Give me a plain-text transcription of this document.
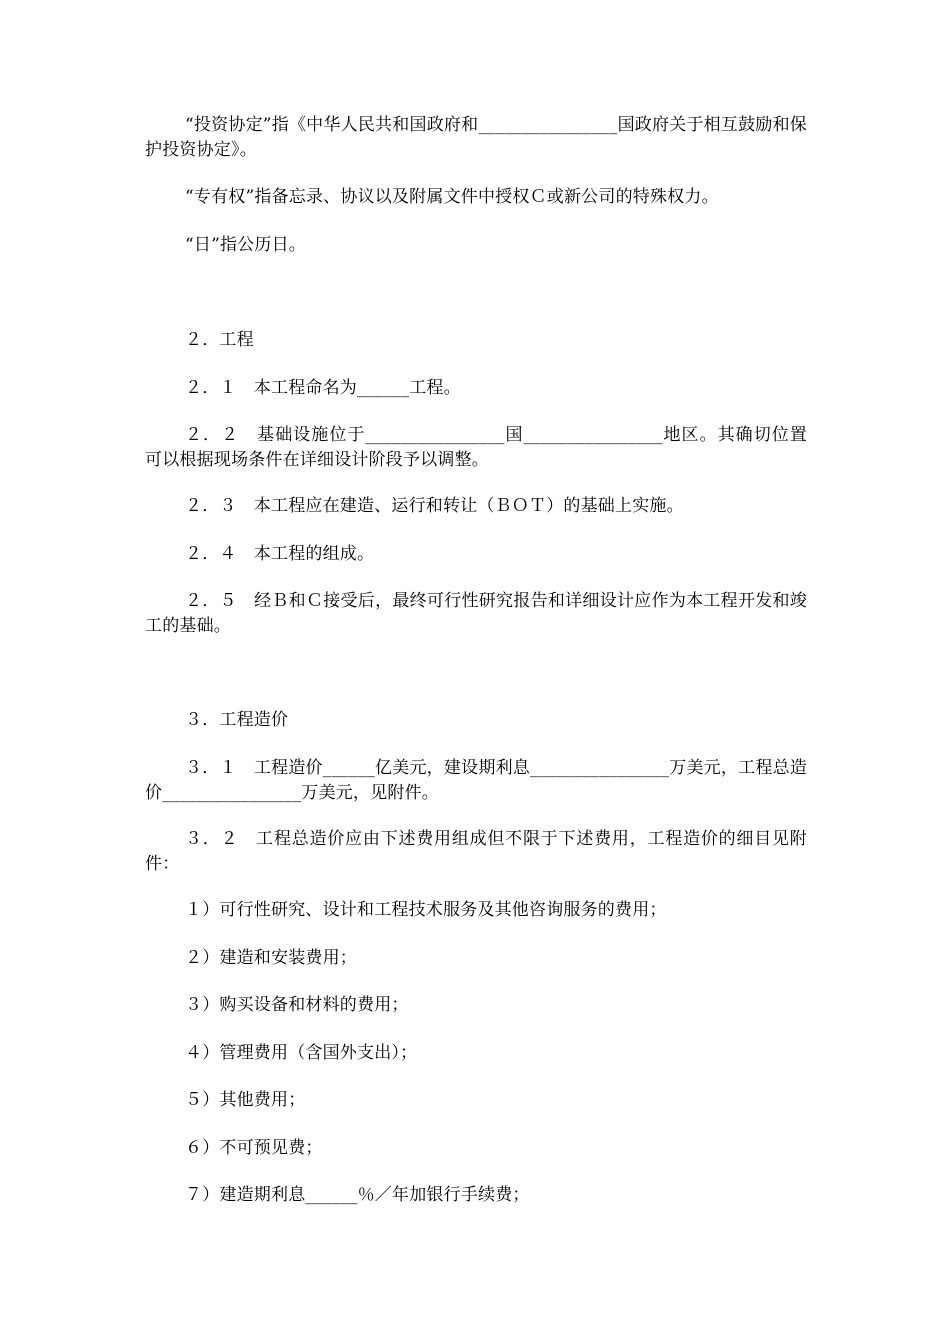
“投资协定”指《中华人民共和国政府和________________国政府关于相互鼓励和保护投资协定》。

“专有权”指备忘录、协议以及附属文件中授权Ｃ或新公司的特殊权力。

“日”指公历日。

２．工程

２．１　本工程命名为______工程。

２．２　基础设施位于________________国________________地区。其确切位置可以根据现场条件在详细设计阶段予以调整。

２．３　本工程应在建造、运行和转让（ＢＯＴ）的基础上实施。

２．４　本工程的组成。

２．５　经Ｂ和Ｃ接受后，最终可行性研究报告和详细设计应作为本工程开发和竣工的基础。

３．工程造价

３．１　工程造价______亿美元，建设期利息________________万美元，工程总造价________________万美元，见附件。

３．２　工程总造价应由下述费用组成但不限于下述费用，工程造价的细目见附件：

１）可行性研究、设计和工程技术服务及其他咨询服务的费用；

２）建造和安装费用；

３）购买设备和材料的费用；

４）管理费用（含国外支出）；

５）其他费用；

６）不可预见费；

７）建造期利息______％／年加银行手续费；
